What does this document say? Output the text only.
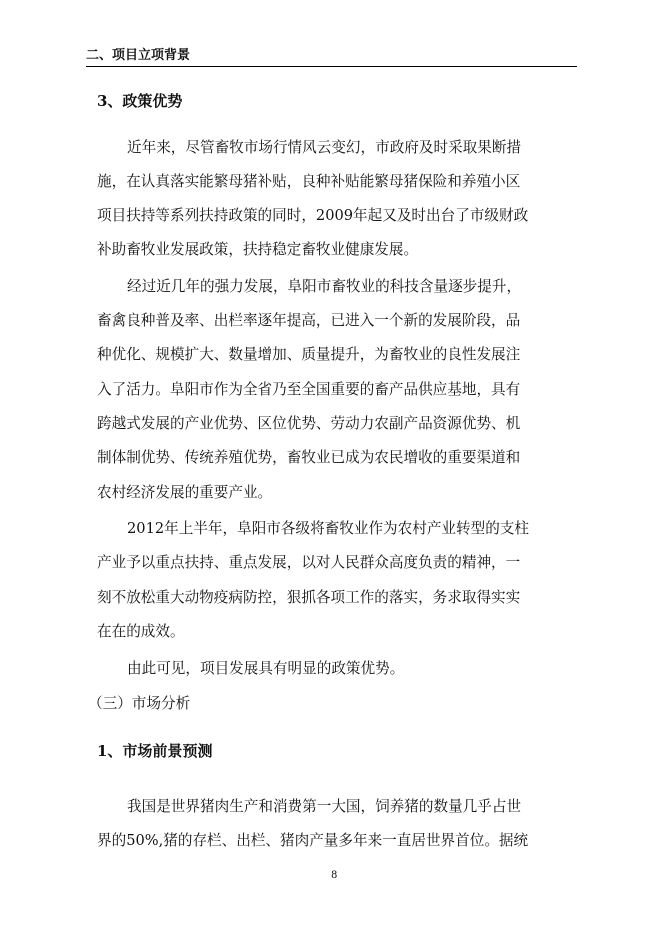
二、项目立项背景
3、政策优势
近年来，尽管畜牧市场行情风云变幻，市政府及时采取果断措
施，在认真落实能繁母猪补贴，良种补贴能繁母猪保险和养殖小区
项目扶持等系列扶持政策的同时，2009年起又及时出台了市级财政
补助畜牧业发展政策，扶持稳定畜牧业健康发展。
经过近几年的强力发展，阜阳市畜牧业的科技含量逐步提升，
畜禽良种普及率、出栏率逐年提高，已进入一个新的发展阶段，品
种优化、规模扩大、数量增加、质量提升，为畜牧业的良性发展注
入了活力。阜阳市作为全省乃至全国重要的畜产品供应基地，具有
跨越式发展的产业优势、区位优势、劳动力农副产品资源优势、机
制体制优势、传统养殖优势，畜牧业已成为农民增收的重要渠道和
农村经济发展的重要产业。
2012年上半年，阜阳市各级将畜牧业作为农村产业转型的支柱
产业予以重点扶持、重点发展，以对人民群众高度负责的精神，一
刻不放松重大动物疫病防控，狠抓各项工作的落实，务求取得实实
在在的成效。
由此可见，项目发展具有明显的政策优势。
（三）市场分析
1、市场前景预测
我国是世界猪肉生产和消费第一大国，饲养猪的数量几乎占世
界的50%,猪的存栏、出栏、猪肉产量多年来一直居世界首位。据统
8
